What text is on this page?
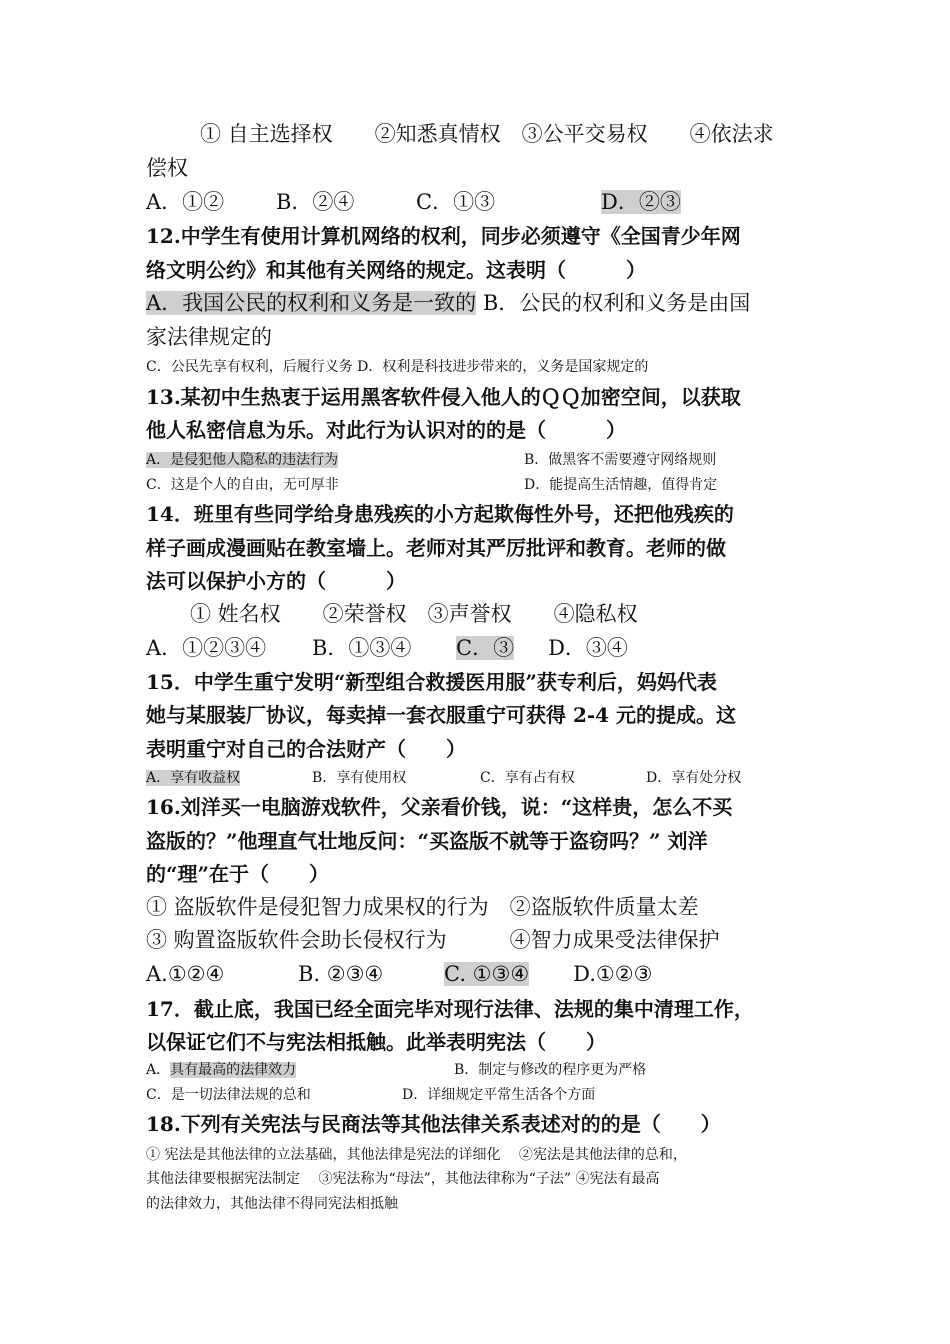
① 自主选择权　　②知悉真情权　③公平交易权　　④依法求
偿权
A．①② B．②④	C．①③	D．②③
12.中学生有使用计算机网络的权利，同步必须遵守《全国青少年网
络文明公约》和其他有关网络的规定。这表明（　　　）
A．我国公民的权利和义务是一致的 B．公民的权利和义务是由国
家法律规定的
C．公民先享有权利，后履行义务 D．权利是科技进步带来的，义务是国家规定的
13.某初中生热衷于运用黑客软件侵入他人的ＱＱ加密空间，以获取
他人私密信息为乐。对此行为认识对的的是（　　　）
A．是侵犯他人隐私的违法行为	B．做黑客不需要遵守网络规则
C．这是个人的自由，无可厚非	D．能提高生活情趣，值得肯定
14．班里有些同学给身患残疾的小方起欺侮性外号，还把他残疾的
样子画成漫画贴在教室墙上。老师对其严厉批评和教育。老师的做
法可以保护小方的（　　　）
① 姓名权　　②荣誉权　③声誉权　　④隐私权
A．①②③④ B．①③④ C．③ D．③④
15．中学生重宁发明“新型组合救援医用服”获专利后，妈妈代表
她与某服装厂协议，每卖掉一套衣服重宁可获得 2-4 元的提成。这
表明重宁对自己的合法财产（　　）
A．享有收益权	B．享有使用权	C．享有占有权	D．享有处分权
16.刘洋买一电脑游戏软件，父亲看价钱，说：“这样贵，怎么不买
盗版的？”他理直气壮地反问：“买盗版不就等于盗窃吗？” 刘洋
的“理”在于（　　）
① 盗版软件是侵犯智力成果权的行为　②盗版软件质量太差
③ 购置盗版软件会助长侵权行为　　　④智力成果受法律保护
A.①②④	B. ②③④	C. ①③④ D.①②③
17．截止底，我国已经全面完毕对现行法律、法规的集中清理工作，
以保证它们不与宪法相抵触。此举表明宪法（　　）
A．具有最高的法律效力	B．制定与修改的程序更为严格
C．是一切法律法规的总和	D．详细规定平常生活各个方面
18.下列有关宪法与民商法等其他法律关系表述对的的是（　　）
① 宪法是其他法律的立法基础，其他法律是宪法的详细化　 ②宪法是其他法律的总和，
其他法律要根据宪法制定　 ③宪法称为“母法”，其他法律称为“子法” ④宪法有最高
的法律效力，其他法律不得同宪法相抵触
